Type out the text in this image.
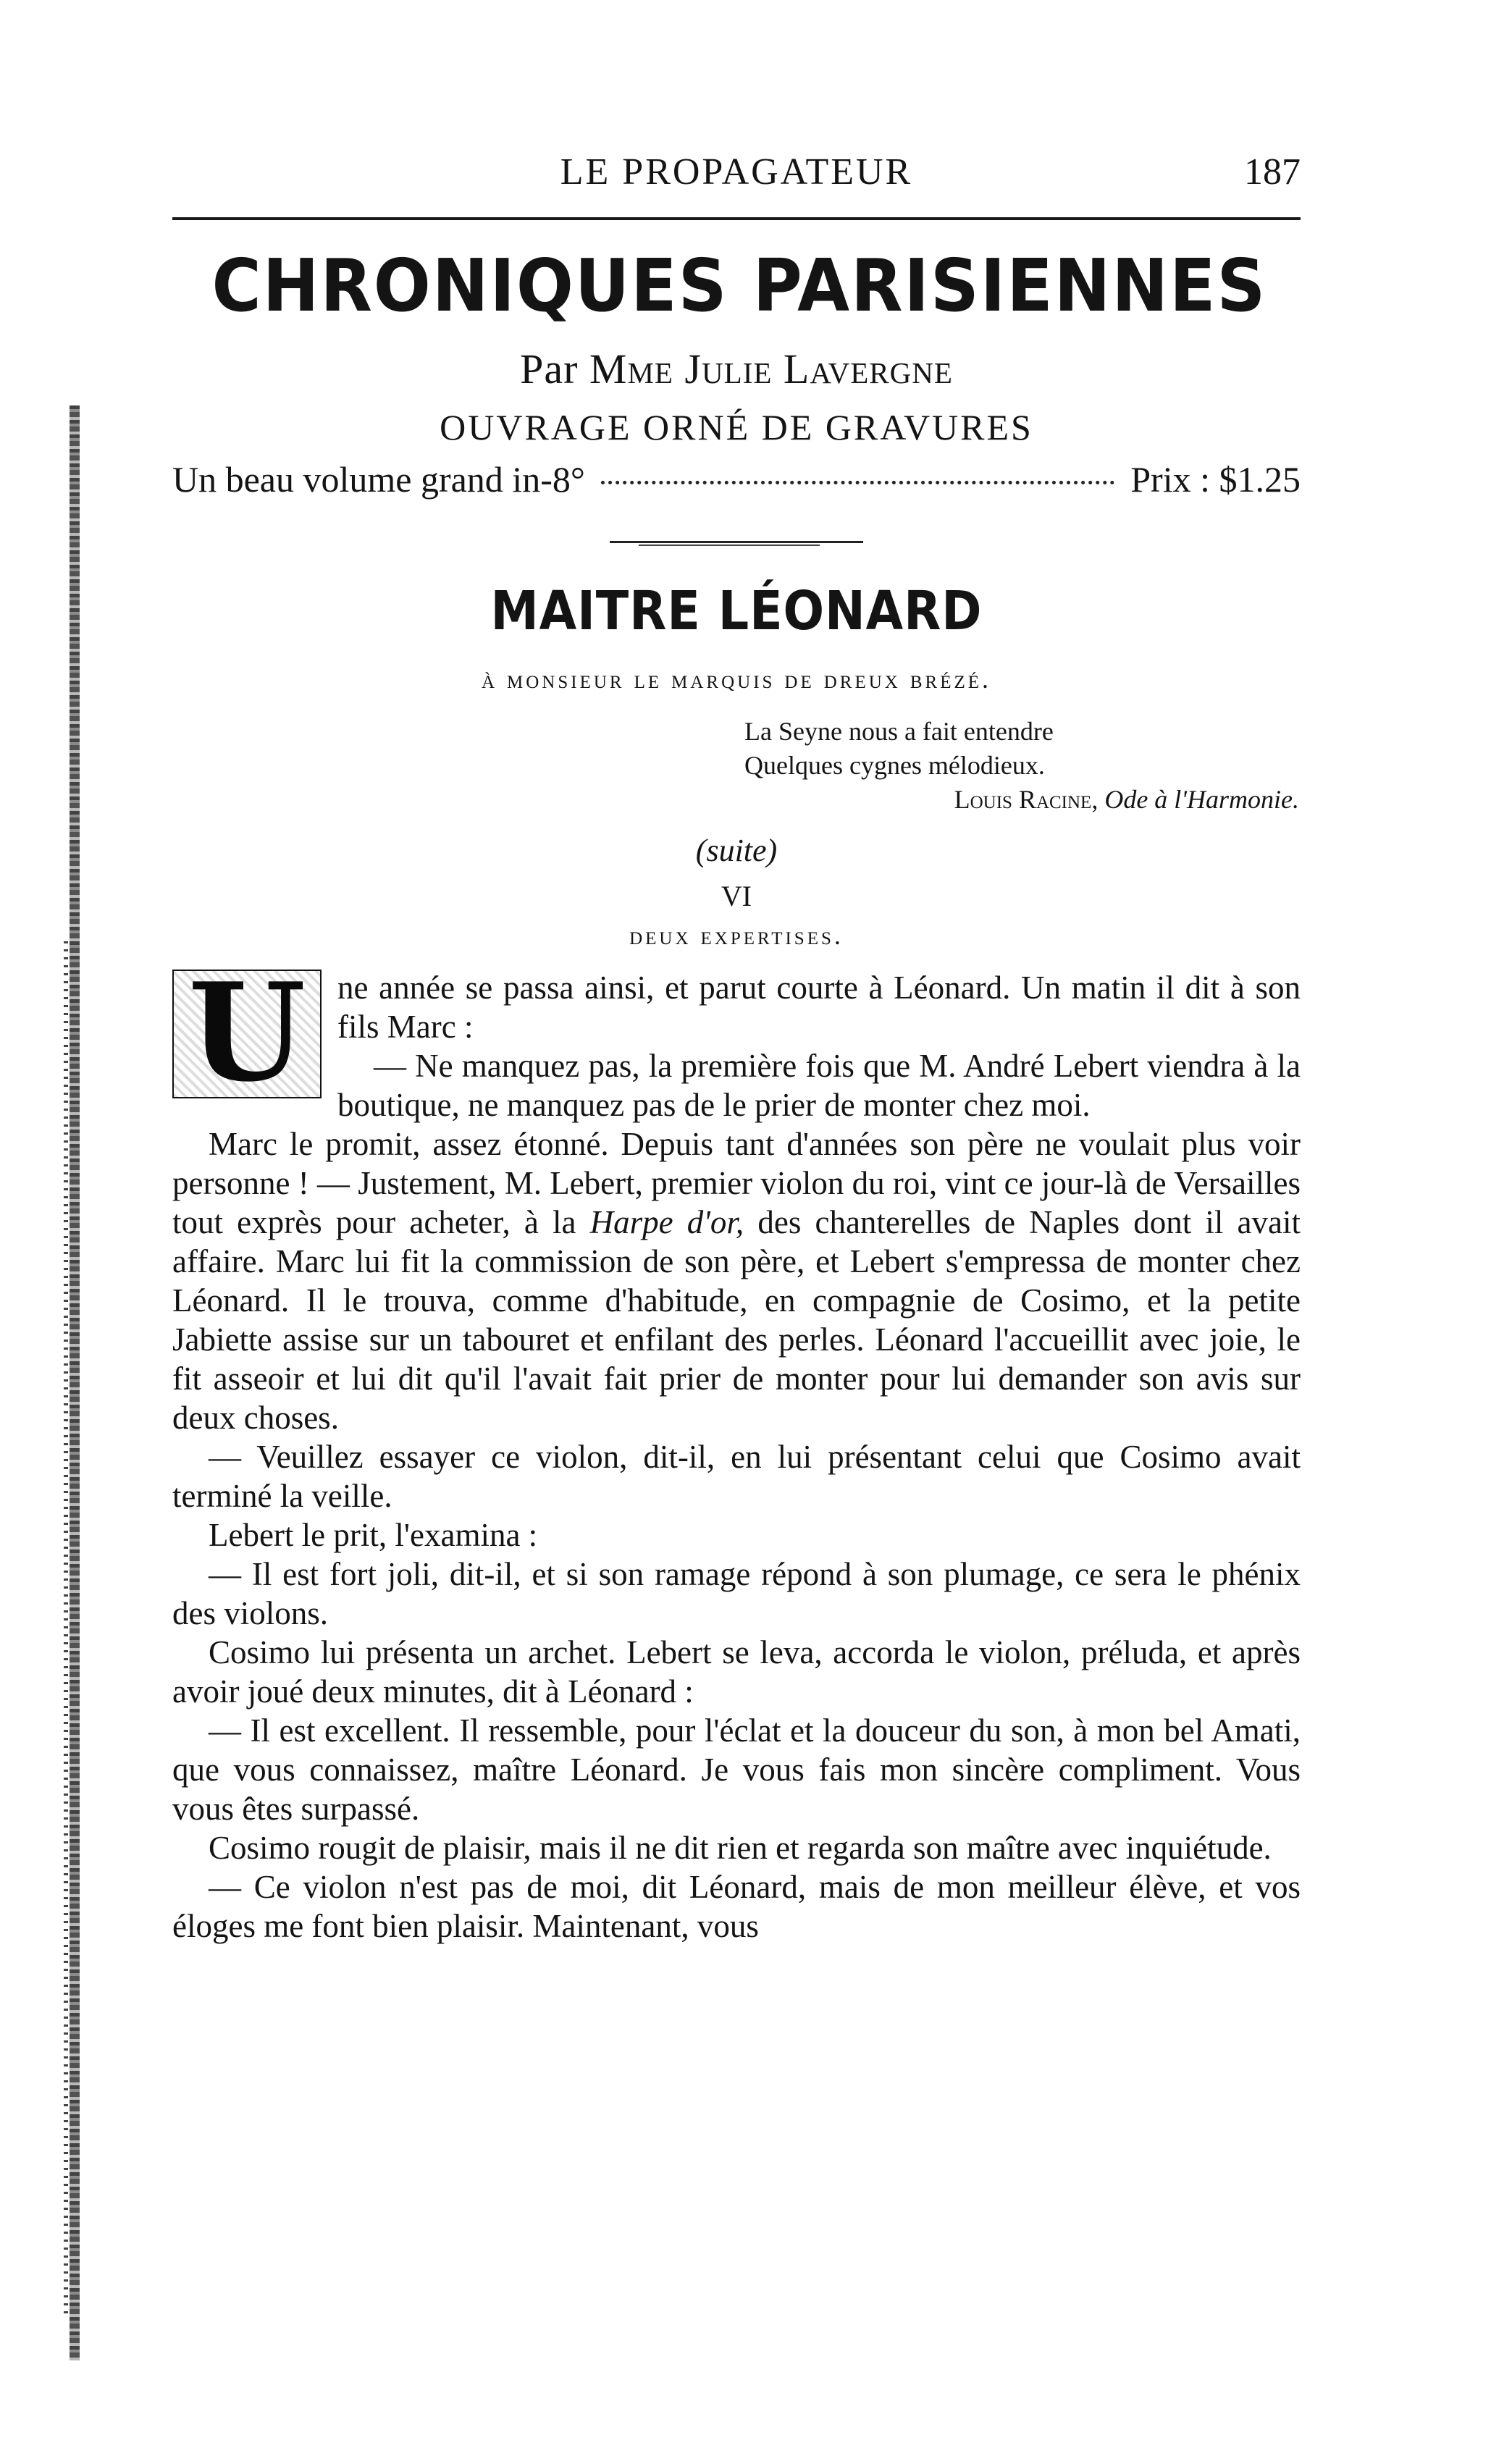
LE PROPAGATEUR	187
CHRONIQUES PARISIENNES
Par Mme Julie Lavergne
OUVRAGE ORNÉ DE GRAVURES
Un beau volume grand in-8°	Prix : $1.25
MAITRE LÉONARD
à monsieur le marquis de dreux brézé.
La Seyne nous a fait entendre
Quelques cygnes mélodieux.
Louis Racine, Ode à l'Harmonie.
(suite)
VI
deux expertises.

U ne année se passa ainsi, et parut courte à Léonard. Un matin il dit à son fils Marc :

— Ne manquez pas, la première fois que M. André Lebert viendra à la boutique, ne manquez pas de le prier de monter chez moi.

Marc le promit, assez étonné. Depuis tant d'années son père ne voulait plus voir personne ! — Justement, M. Lebert, premier violon du roi, vint ce jour-là de Versailles tout exprès pour acheter, à la Harpe d'or, des chanterelles de Naples dont il avait affaire. Marc lui fit la commission de son père, et Lebert s'empressa de monter chez Léonard. Il le trouva, comme d'habitude, en compagnie de Cosimo, et la petite Jabiette assise sur un tabouret et enfilant des perles. Léonard l'accueillit avec joie, le fit asseoir et lui dit qu'il l'avait fait prier de monter pour lui demander son avis sur deux choses.

— Veuillez essayer ce violon, dit-il, en lui présentant celui que Cosimo avait terminé la veille.

Lebert le prit, l'examina :

— Il est fort joli, dit-il, et si son ramage répond à son plumage, ce sera le phénix des violons.

Cosimo lui présenta un archet. Lebert se leva, accorda le violon, préluda, et après avoir joué deux minutes, dit à Léonard :

— Il est excellent. Il ressemble, pour l'éclat et la douceur du son, à mon bel Amati, que vous connaissez, maître Léonard. Je vous fais mon sincère compliment. Vous vous êtes surpassé.

Cosimo rougit de plaisir, mais il ne dit rien et regarda son maître avec inquiétude.

— Ce violon n'est pas de moi, dit Léonard, mais de mon meilleur élève, et vos éloges me font bien plaisir. Maintenant, vous
